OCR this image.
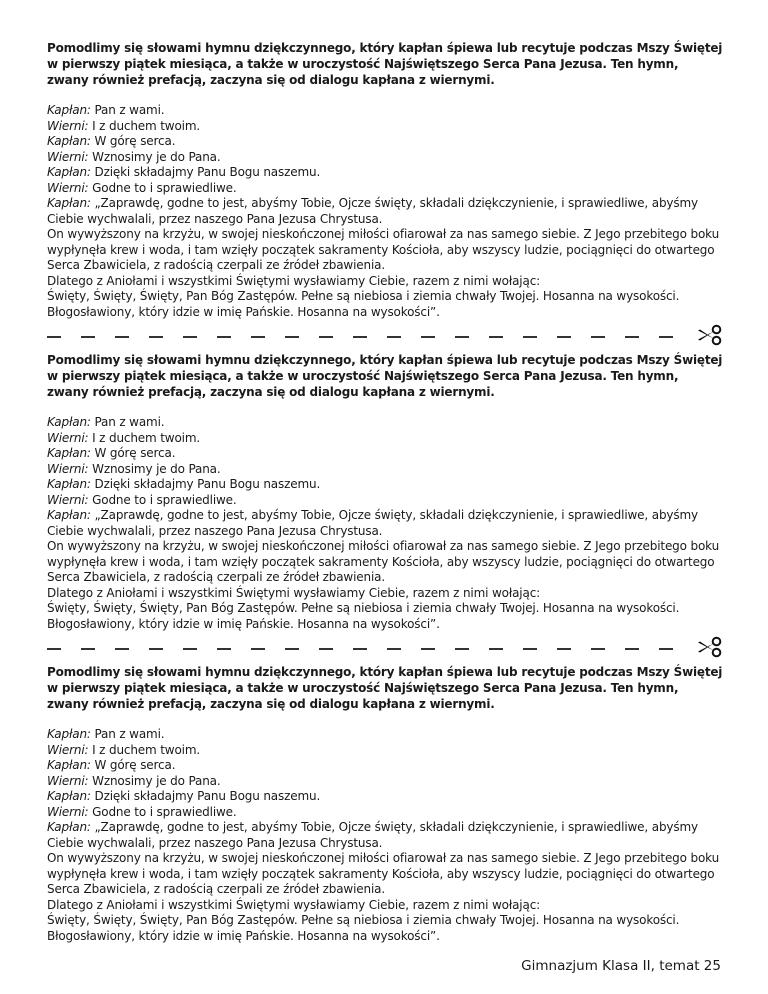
Pomodlimy się słowami hymnu dziękczynnego, który kapłan śpiewa lub recytuje podczas Mszy Świętej w pierwszy piątek miesiąca, a także w uroczystość Najświętszego Serca Pana Jezusa. Ten hymn, zwany również prefacją, zaczyna się od dialogu kapłana z wiernymi.

Kapłan: Pan z wami.

Wierni: I z duchem twoim.

Kapłan: W górę serca.

Wierni: Wznosimy je do Pana.

Kapłan: Dzięki składajmy Panu Bogu naszemu.

Wierni: Godne to i sprawiedliwe.

Kapłan: „Zaprawdę, godne to jest, abyśmy Tobie, Ojcze święty, składali dziękczynienie, i sprawiedliwe, abyśmy Ciebie wychwalali, przez naszego Pana Jezusa Chrystusa.

On wywyższony na krzyżu, w swojej nieskończonej miłości ofiarował za nas samego siebie. Z Jego przebitego boku wypłynęła krew i woda, i tam wzięły początek sakramenty Kościoła, aby wszyscy ludzie, pociągnięci do otwartego Serca Zbawiciela, z radością czerpali ze źródeł zbawienia.

Dlatego z Aniołami i wszystkimi Świętymi wysławiamy Ciebie, razem z nimi wołając:

Święty, Święty, Święty, Pan Bóg Zastępów. Pełne są niebiosa i ziemia chwały Twojej. Hosanna na wysokości. Błogosławiony, który idzie w imię Pańskie. Hosanna na wysokości”.

Pomodlimy się słowami hymnu dziękczynnego, który kapłan śpiewa lub recytuje podczas Mszy Świętej w pierwszy piątek miesiąca, a także w uroczystość Najświętszego Serca Pana Jezusa. Ten hymn, zwany również prefacją, zaczyna się od dialogu kapłana z wiernymi.

Kapłan: Pan z wami.

Wierni: I z duchem twoim.

Kapłan: W górę serca.

Wierni: Wznosimy je do Pana.

Kapłan: Dzięki składajmy Panu Bogu naszemu.

Wierni: Godne to i sprawiedliwe.

Kapłan: „Zaprawdę, godne to jest, abyśmy Tobie, Ojcze święty, składali dziękczynienie, i sprawiedliwe, abyśmy Ciebie wychwalali, przez naszego Pana Jezusa Chrystusa.

On wywyższony na krzyżu, w swojej nieskończonej miłości ofiarował za nas samego siebie. Z Jego przebitego boku wypłynęła krew i woda, i tam wzięły początek sakramenty Kościoła, aby wszyscy ludzie, pociągnięci do otwartego Serca Zbawiciela, z radością czerpali ze źródeł zbawienia.

Dlatego z Aniołami i wszystkimi Świętymi wysławiamy Ciebie, razem z nimi wołając:

Święty, Święty, Święty, Pan Bóg Zastępów. Pełne są niebiosa i ziemia chwały Twojej. Hosanna na wysokości. Błogosławiony, który idzie w imię Pańskie. Hosanna na wysokości”.

Pomodlimy się słowami hymnu dziękczynnego, który kapłan śpiewa lub recytuje podczas Mszy Świętej w pierwszy piątek miesiąca, a także w uroczystość Najświętszego Serca Pana Jezusa. Ten hymn, zwany również prefacją, zaczyna się od dialogu kapłana z wiernymi.

Kapłan: Pan z wami.

Wierni: I z duchem twoim.

Kapłan: W górę serca.

Wierni: Wznosimy je do Pana.

Kapłan: Dzięki składajmy Panu Bogu naszemu.

Wierni: Godne to i sprawiedliwe.

Kapłan: „Zaprawdę, godne to jest, abyśmy Tobie, Ojcze święty, składali dziękczynienie, i sprawiedliwe, abyśmy Ciebie wychwalali, przez naszego Pana Jezusa Chrystusa.

On wywyższony na krzyżu, w swojej nieskończonej miłości ofiarował za nas samego siebie. Z Jego przebitego boku wypłynęła krew i woda, i tam wzięły początek sakramenty Kościoła, aby wszyscy ludzie, pociągnięci do otwartego Serca Zbawiciela, z radością czerpali ze źródeł zbawienia.

Dlatego z Aniołami i wszystkimi Świętymi wysławiamy Ciebie, razem z nimi wołając:

Święty, Święty, Święty, Pan Bóg Zastępów. Pełne są niebiosa i ziemia chwały Twojej. Hosanna na wysokości. Błogosławiony, który idzie w imię Pańskie. Hosanna na wysokości”.

Gimnazjum Klasa II, temat 25
